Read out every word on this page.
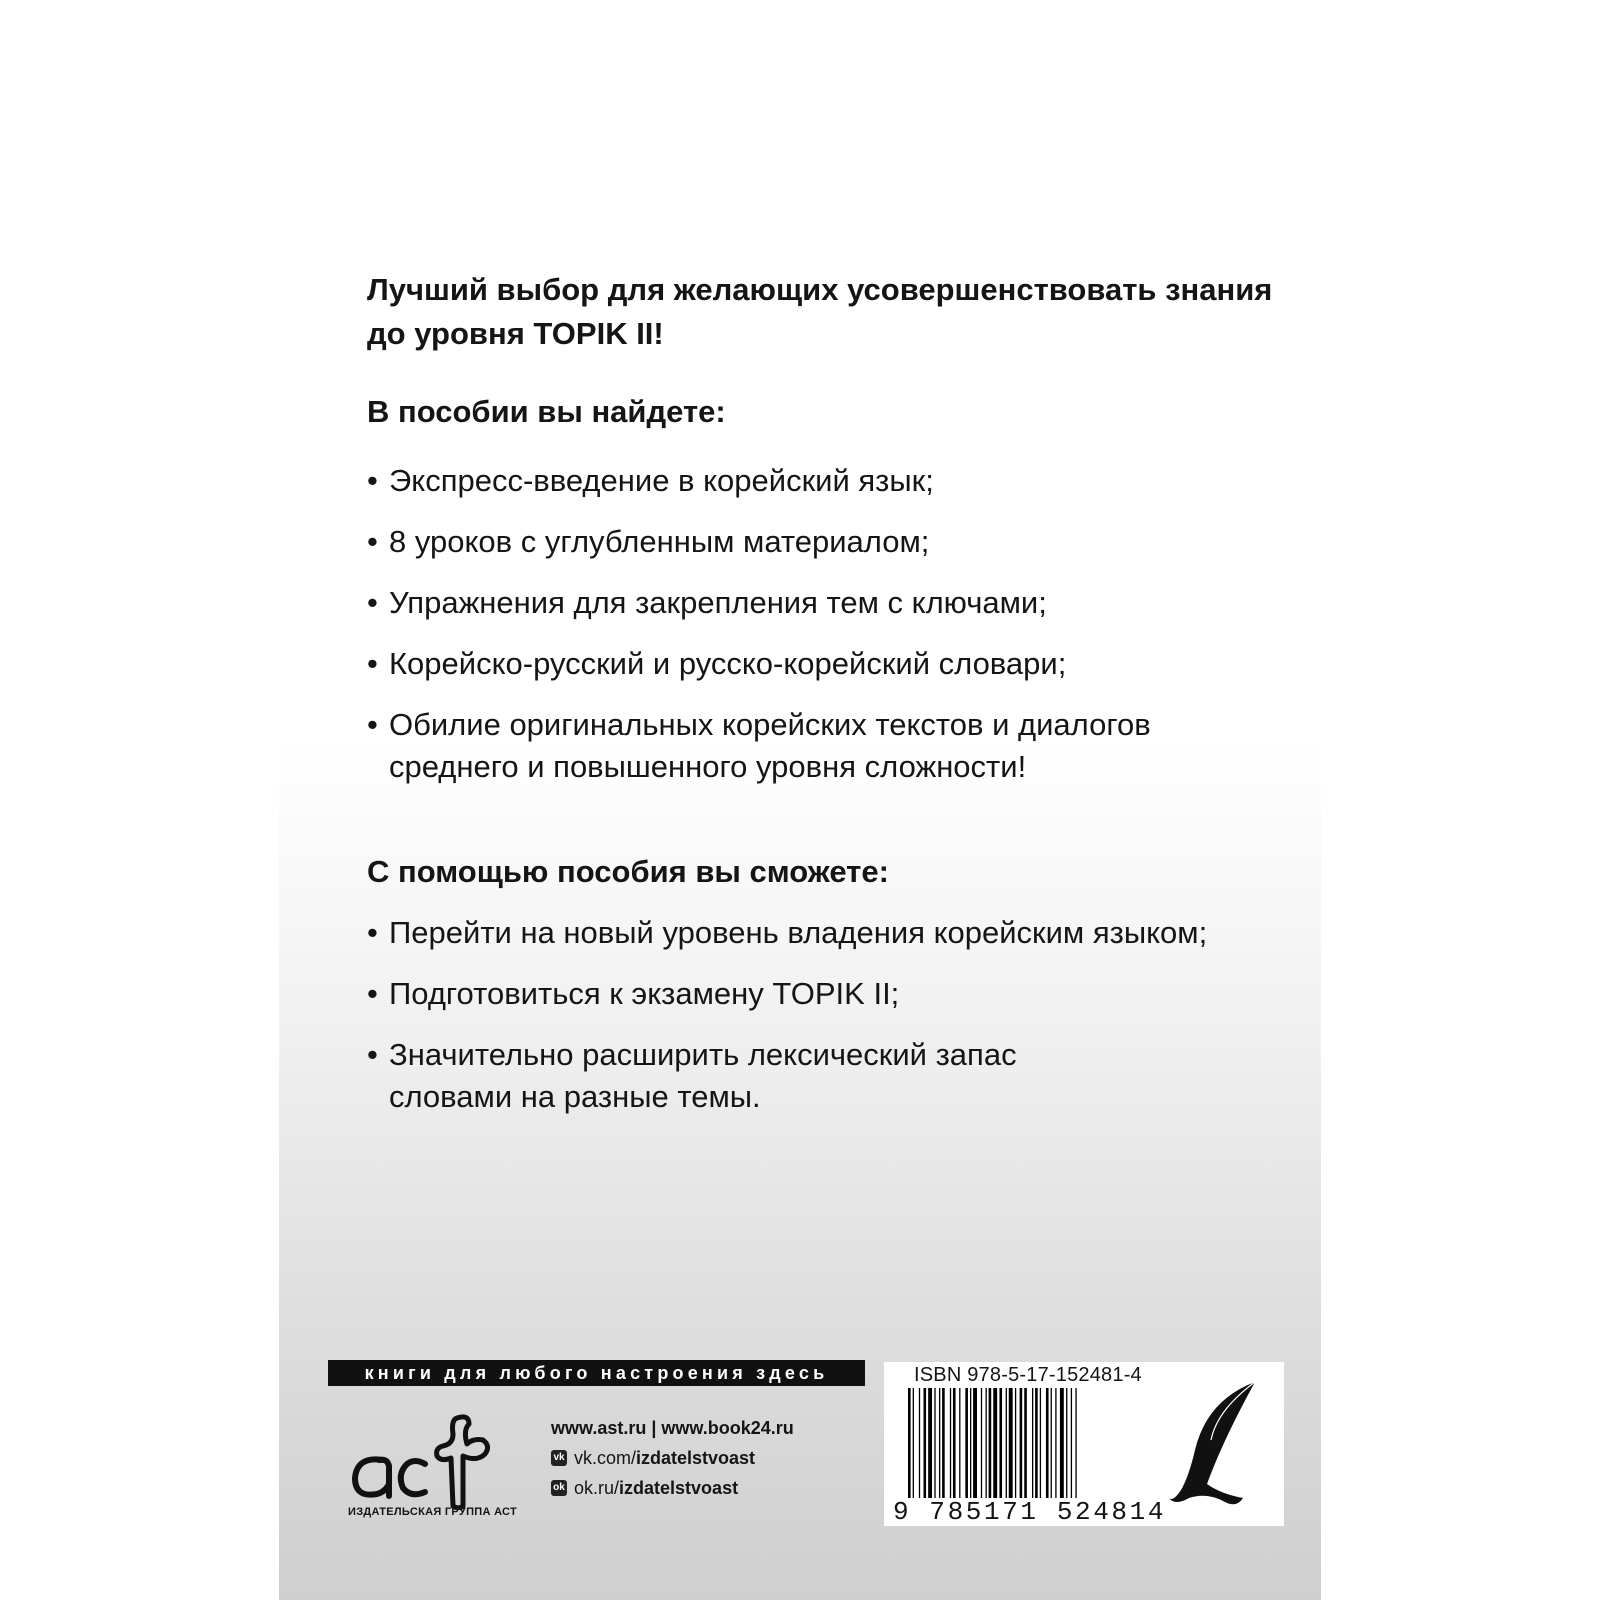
Лучший выбор для желающих усовершенствовать знания до уровня TOPIK II!

В пособии вы найдете:

• Экспресс-введение в корейский язык;
• 8 уроков с углубленным материалом;
• Упражнения для закрепления тем с ключами;
• Корейско-русский и русско-корейский словари;
• Обилие оригинальных корейских текстов и диалогов среднего и повышенного уровня сложности!

С помощью пособия вы сможете:

• Перейти на новый уровень владения корейским языком;
• Подготовиться к экзамену TOPIK II;
• Значительно расширить лексический запас словами на разные темы.
книги для любого настроения здесь
аст
ИЗДАТЕЛЬСКАЯ ГРУППА АСТ
www.ast.ru | www.book24.ru
vk vk.com/ izdatelstvoast
ok ok.ru/ izdatelstvoast
ISBN 978-5-17-152481-4
9 785171 524814
